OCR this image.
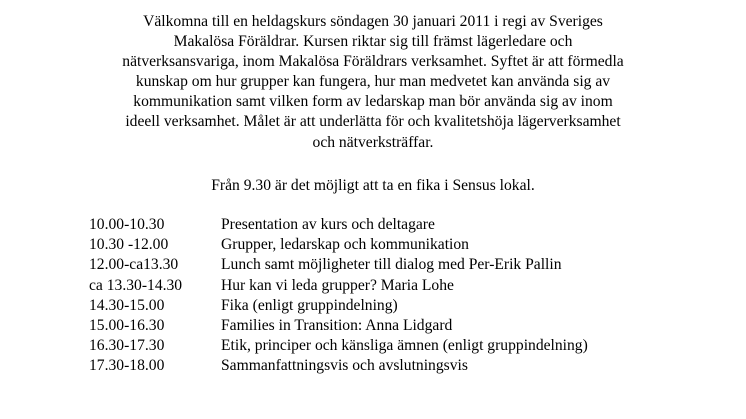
Välkomna till en heldagskurs söndagen 30 januari 2011 i regi av Sveriges
Makalösa Föräldrar. Kursen riktar sig till främst lägerledare och
nätverksansvariga, inom Makalösa Föräldrars verksamhet. Syftet är att förmedla
kunskap om hur grupper kan fungera, hur man medvetet kan använda sig av
kommunikation samt vilken form av ledarskap man bör använda sig av inom
ideell verksamhet. Målet är att underlätta för och kvalitetshöja lägerverksamhet
och nätverksträffar.

Från 9.30 är det möjligt att ta en fika i Sensus lokal.

10.00-10.30	Presentation av kurs och deltagare
10.30 -12.00	Grupper, ledarskap och kommunikation
12.00-ca13.30	Lunch samt möjligheter till dialog med Per-Erik Pallin
ca 13.30-14.30 Hur kan vi leda grupper? Maria Lohe
14.30-15.00	Fika (enligt gruppindelning)
15.00-16.30	Families in Transition: Anna Lidgard
16.30-17.30	Etik, principer och känsliga ämnen (enligt gruppindelning)
17.30-18.00	Sammanfattningsvis och avslutningsvis
